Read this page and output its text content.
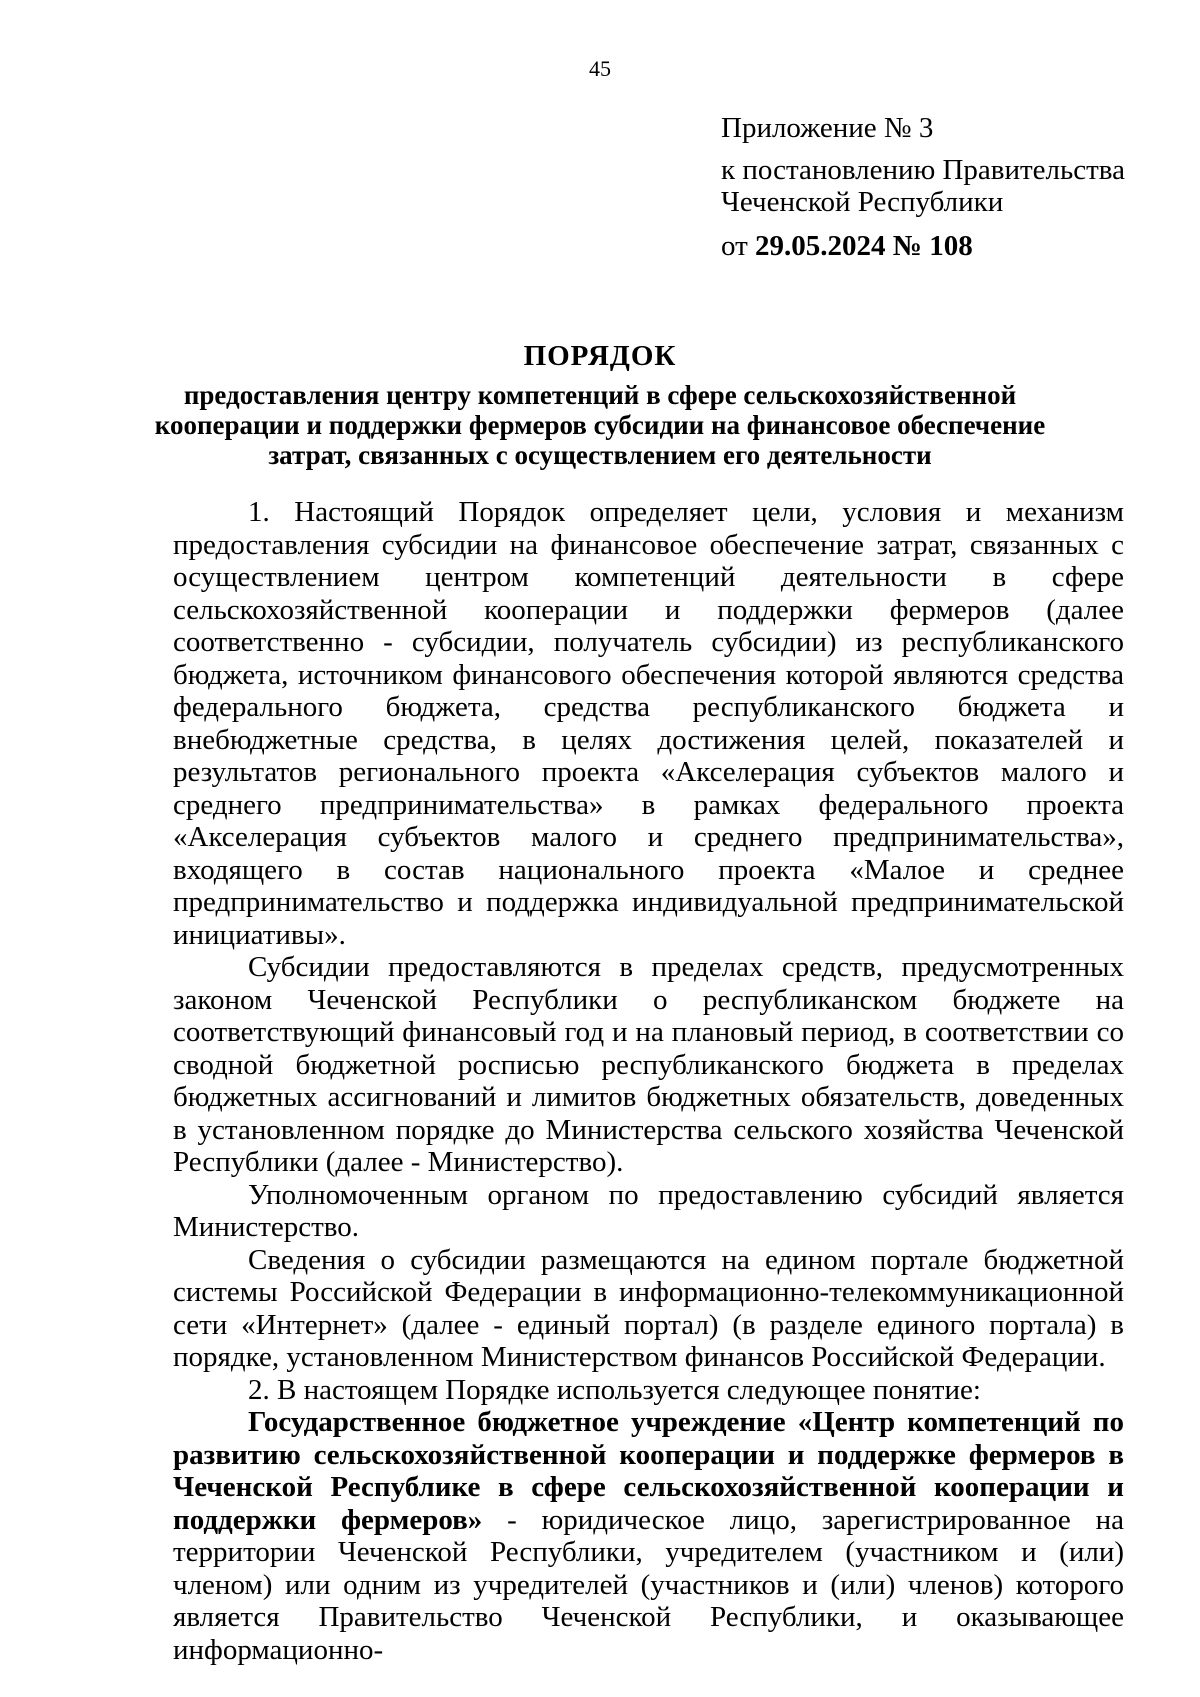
45
Приложение № 3
к постановлению Правительства
Чеченской Республики
от 29.05.2024 № 108
ПОРЯДОК
предоставления центру компетенций в сфере сельскохозяйственной кооперации и поддержки фермеров субсидии на финансовое обеспечение затрат, связанных с осуществлением его деятельности

1. Настоящий Порядок определяет цели, условия и механизм предоставления субсидии на финансовое обеспечение затрат, связанных с осуществлением центром компетенций деятельности в сфере сельскохозяйственной кооперации и поддержки фермеров (далее соответственно - субсидии, получатель субсидии) из республиканского бюджета, источником финансового обеспечения которой являются средства федерального бюджета, средства республиканского бюджета и внебюджетные средства, в целях достижения целей, показателей и результатов регионального проекта «Акселерация субъектов малого и среднего предпринимательства» в рамках федерального проекта «Акселерация субъектов малого и среднего предпринимательства», входящего в состав национального проекта «Малое и среднее предпринимательство и поддержка индивидуальной предпринимательской инициативы».

Субсидии предоставляются в пределах средств, предусмотренных законом Чеченской Республики о республиканском бюджете на соответствующий финансовый год и на плановый период, в соответствии со сводной бюджетной росписью республиканского бюджета в пределах бюджетных ассигнований и лимитов бюджетных обязательств, доведенных в установленном порядке до Министерства сельского хозяйства Чеченской Республики (далее - Министерство).

Уполномоченным органом по предоставлению субсидий является Министерство.

Сведения о субсидии размещаются на едином портале бюджетной системы Российской Федерации в информационно-телекоммуникационной сети «Интернет» (далее - единый портал) (в разделе единого портала) в порядке, установленном Министерством финансов Российской Федерации.

2. В настоящем Порядке используется следующее понятие:

Государственное бюджетное учреждение «Центр компетенций по развитию сельскохозяйственной кооперации и поддержке фермеров в Чеченской Республике в сфере сельскохозяйственной кооперации и поддержки фермеров» - юридическое лицо, зарегистрированное на территории Чеченской Республики, учредителем (участником и (или) членом) или одним из учредителей (участников и (или) членов) которого является Правительство Чеченской Республики, и оказывающее информационно-
